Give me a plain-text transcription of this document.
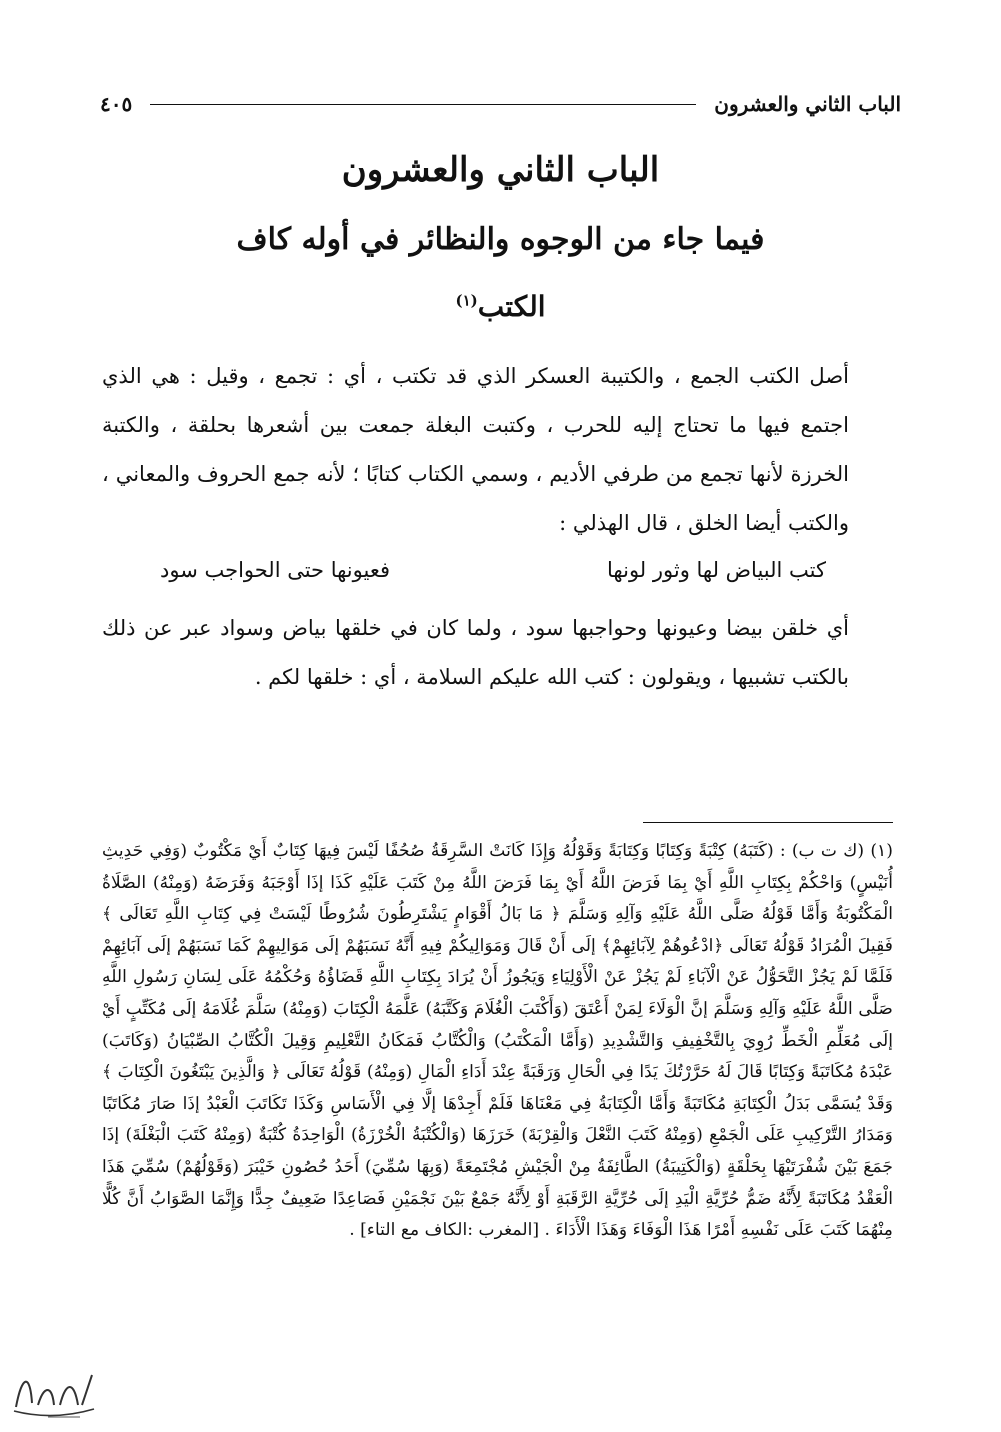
الباب الثاني والعشرون
٤٠٥
الباب الثاني والعشرون
فيما جاء من الوجوه والنظائر في أوله كاف
الكتب$^{(١)}$

أصل الكتب الجمع ، والكتيبة العسكر الذي قد تكتب ، أي : تجمع ، وقيل : هي الذي اجتمع فيها ما تحتاج إليه للحرب ، وكتبت البغلة جمعت بين أشعرها بحلقة ، والكتبة الخرزة لأنها تجمع من طرفي الأديم ، وسمي الكتاب كتابًا ؛ لأنه جمع الحروف والمعاني ، والكتب أيضا الخلق ، قال الهذلي :

كتب البياض لها وثور لونها
فعيونها حتى الحواجب سود

أي خلقن بيضا وعيونها وحواجبها سود ، ولما كان في خلقها بياض وسواد عبر عن ذلك بالكتب تشبيها ، ويقولون : كتب الله عليكم السلامة ، أي : خلقها لكم .

(١) (ك ت ب) : (كَتَبَهُ) كِتْبَةً وَكِتَابًا وَكِتَابَةً وَقَوْلُهُ وَإِذَا كَانَتْ السَّرِقَةُ صُحُفًا لَيْسَ فِيهَا كِتَابٌ أَيْ مَكْتُوبٌ (وَفِي حَدِيثِ أُنَيْسٍ) وَاحْكُمْ بِكِتَابِ اللَّهِ أَيْ بِمَا فَرَضَ اللَّهُ أَيْ بِمَا فَرَضَ اللَّهُ مِنْ كَتَبَ عَلَيْهِ كَذَا إذَا أَوْجَبَهُ وَفَرَضَهُ (وَمِنْهُ) الصَّلَاةُ الْمَكْتُوبَةُ وَأَمَّا قَوْلُهُ صَلَّى اللَّهُ عَلَيْهِ وَآلِهِ وَسَلَّمَ ﴿ مَا بَالُ أَقْوَامٍ يَشْتَرِطُونَ شُرُوطًا لَيْسَتْ فِي كِتَابِ اللَّهِ تَعَالَى ﴾ فَقِيلَ الْمُرَادُ قَوْلُهُ تَعَالَى ﴿ادْعُوهُمْ لِآبَائِهِمْ﴾ إلَى أَنْ قَالَ وَمَوَالِيكُمْ فِيهِ أَنَّهُ نَسَبَهُمْ إلَى مَوَالِيهِمْ كَمَا نَسَبَهُمْ إلَى آبَائِهِمْ فَلَمَّا لَمْ يَجُزْ التَّحَوُّلُ عَنْ الْآبَاءِ لَمْ يَجُزْ عَنْ الْأَوْلِيَاءِ وَيَجُوزُ أَنْ يُرَادَ بِكِتَابِ اللَّهِ قَضَاؤُهُ وَحُكْمُهُ عَلَى لِسَانِ رَسُولِ اللَّهِ صَلَّى اللَّهُ عَلَيْهِ وَآلِهِ وَسَلَّمَ إنَّ الْوَلَاءَ لِمَنْ أَعْتَقَ (وَأَكْتَبَ الْغُلَامَ وَكَتَّبَهُ) عَلَّمَهُ الْكِتَابَ (وَمِنْهُ) سَلَّمَ غُلَامَهُ إلَى مُكَتِّبٍ أَيْ إلَى مُعَلِّمِ الْخَطِّ رُوِيَ بِالتَّخْفِيفِ وَالتَّشْدِيدِ (وَأَمَّا الْمَكْتَبُ) وَالْكُتَّابُ فَمَكَانُ التَّعْلِيمِ وَقِيلَ الْكُتَّابُ الصِّبْيَانُ (وَكَاتَبَ) عَبْدَهُ مُكَاتَبَةً وَكِتَابًا قَالَ لَهُ حَرَّرْتُكَ يَدًا فِي الْحَالِ وَرَقَبَةً عِنْدَ أَدَاءِ الْمَالِ (وَمِنْهُ) قَوْلُهُ تَعَالَى ﴿ وَالَّذِينَ يَبْتَغُونَ الْكِتَابَ ﴾ وَقَدْ يُسَمَّى بَدَلُ الْكِتَابَةِ مُكَاتَبَةً وَأَمَّا الْكِتَابَةُ فِي مَعْنَاهَا فَلَمْ أَجِدْهَا إلَّا فِي الْأَسَاسِ وَكَذَا تَكَاتَبَ الْعَبْدُ إذَا صَارَ مُكَاتَبًا وَمَدَارُ التَّرْكِيبِ عَلَى الْجَمْعِ (وَمِنْهُ كَتَبَ النَّعْلَ وَالْقِرْبَةَ) خَرَزَهَا (وَالْكُتْبَةُ الْخُرْزَةُ) الْوَاحِدَةُ كُتْبَةٌ (وَمِنْهُ كَتَبَ الْبَغْلَةَ) إذَا جَمَعَ بَيْنَ شُفْرَتَيْهَا بِحَلْقَةٍ (وَالْكَتِيبَةُ) الطَّائِفَةُ مِنْ الْجَيْشِ مُجْتَمِعَةً (وَبِهَا سُمِّيَ) أَحَدُ حُصُونِ خَيْبَرَ (وَقَوْلُهُمْ) سُمِّيَ هَذَا الْعَقْدُ مُكَاتَبَةً لِأَنَّهُ ضَمُّ حُرِّيَّةِ الْيَدِ إلَى حُرِّيَّةِ الرَّقَبَةِ أَوْ لِأَنَّهُ جَمْعٌ بَيْنَ نَجْمَيْنِ فَصَاعِدًا ضَعِيفٌ جِدًّا وَإِنَّمَا الصَّوَابُ أَنَّ كُلًّا مِنْهُمَا كَتَبَ عَلَى نَفْسِهِ أَمْرًا هَذَا الْوَفَاءَ وَهَذَا الْأَدَاءَ . [المغرب :الكاف مع التاء] .
